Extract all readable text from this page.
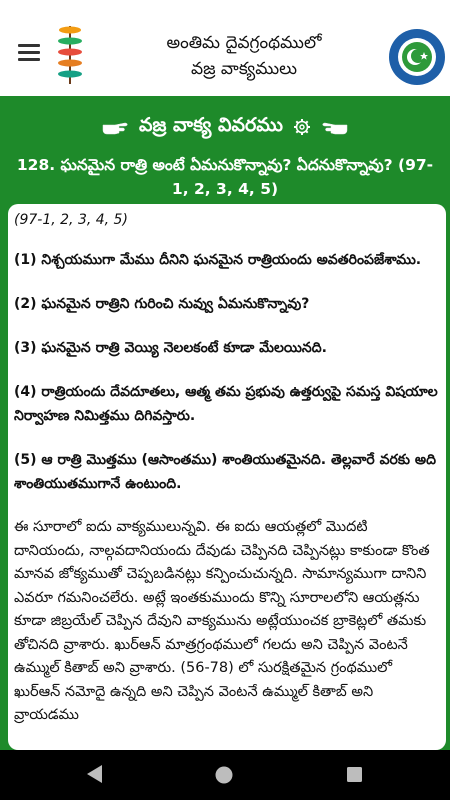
అంతిమ దైవగ్రంథములో
వజ్ర వాక్యములు
వజ్ర వాక్య వివరము
128. ఘనమైన రాత్రి అంటే ఏమనుకొన్నావు? ఏదనుకొన్నావు? (97-1, 2, 3, 4, 5)
(97-1, 2, 3, 4, 5)
(1) నిశ్చయముగా మేము దీనిని ఘనమైన రాత్రియందు అవతరింపజేశాము.
(2) ఘనమైన రాత్రిని గురించి నువ్వు ఏమనుకొన్నావు?
(3) ఘనమైన రాత్రి వెయ్యి నెలలకంటే కూడా మేలయినది.
(4) రాత్రియందు దేవదూతలు, ఆత్మ తమ ప్రభువు ఉత్తర్వుపై సమస్త విషయాల నిర్వాహణ నిమిత్తము దిగివస్తారు.
(5) ఆ రాత్రి మొత్తము (ఆసాంతము) శాంతియుతమైనది. తెల్లవారే వరకు అది శాంతియుతముగానే ఉంటుంది.
ఈ సూరాలో ఐదు వాక్యములున్నవి. ఈ ఐదు ఆయత్లలో మొదటి దానియందు, నాల్గవదానియందు దేవుడు చెప్పినది చెప్పినట్లు కాకుండా కొంత మానవ జోక్యముతో చెప్పబడినట్లు కన్పించుచున్నది. సామాన్యముగా దానిని ఎవరూ గమనించలేరు. అట్లే ఇంతకుముందు కొన్ని సూరాలలోని ఆయత్లను కూడా జిబ్రయేల్ చెప్పిన దేవుని వాక్యమును అట్లేయుంచక బ్రాకెట్లలో తమకు తోచినది వ్రాశారు. ఖుర్ఆన్ మాత్రగ్రంథములో గలదు అని చెప్పిన వెంటనే ఉమ్ముల్ కితాబ్ అని వ్రాశారు. (56-78) లో సురక్షితమైన గ్రంథములో ఖుర్ఆన్ నమోదై ఉన్నది అని చెప్పిన వెంటనే ఉమ్ముల్ కితాబ్ అని వ్రాయడము
